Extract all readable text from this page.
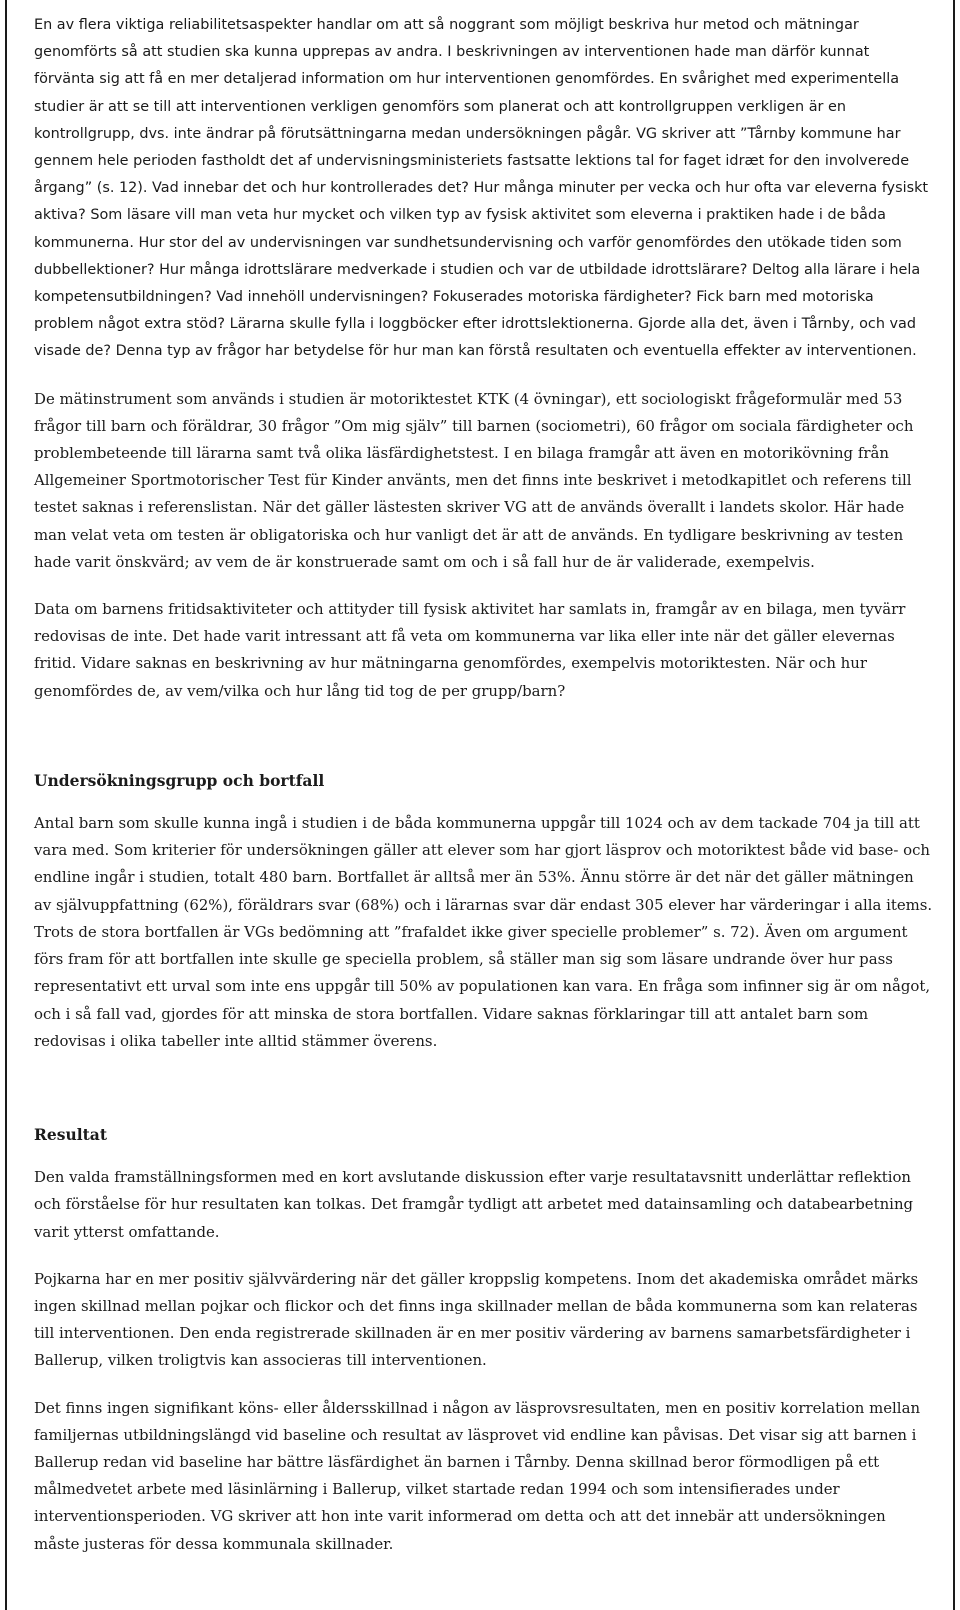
En av flera viktiga reliabilitetsaspekter handlar om att så noggrant som möjligt beskriva hur metod och mätningar genomförts så att studien ska kunna upprepas av andra. I beskrivningen av interventionen hade man därför kunnat förvänta sig att få en mer detaljerad information om hur interventionen genomfördes. En svårighet med experimentella studier är att se till att interventionen verkligen genomförs som planerat och att kontrollgruppen verkligen är en kontrollgrupp, dvs. inte ändrar på förutsättningarna medan undersökningen pågår. VG skriver att ”Tårnby kommune har gennem hele perioden fastholdt det af undervisningsministeriets fastsatte lektions tal for faget idræt for den involverede årgang” (s. 12). Vad innebar det och hur kontrollerades det? Hur många minuter per vecka och hur ofta var eleverna fysiskt aktiva? Som läsare vill man veta hur mycket och vilken typ av fysisk aktivitet som eleverna i praktiken hade i de båda kommunerna. Hur stor del av undervisningen var sundhetsundervisning och varför genomfördes den utökade tiden som dubbellektioner? Hur många idrottslärare medverkade i studien och var de utbildade idrottslärare? Deltog alla lärare i hela kompetensutbildningen? Vad innehöll undervisningen? Fokuserades motoriska färdigheter? Fick barn med motoriska problem något extra stöd? Lärarna skulle fylla i loggböcker efter idrottslektionerna. Gjorde alla det, även i Tårnby, och vad visade de? Denna typ av frågor har betydelse för hur man kan förstå resultaten och eventuella effekter av interventionen.

De mätinstrument som används i studien är motoriktestet KTK (4 övningar), ett sociologiskt frågeformulär med 53 frågor till barn och föräldrar, 30 frågor ”Om mig själv” till barnen (sociometri), 60 frågor om sociala färdigheter och problembeteende till lärarna samt två olika läsfärdighetstest. I en bilaga framgår att även en motorikövning från Allgemeiner Sportmotorischer Test für Kinder använts, men det finns inte beskrivet i metodkapitlet och referens till testet saknas i referenslistan. När det gäller lästesten skriver VG att de används överallt i landets skolor. Här hade man velat veta om testen är obligatoriska och hur vanligt det är att de används. En tydligare beskrivning av testen hade varit önskvärd; av vem de är konstruerade samt om och i så fall hur de är validerade, exempelvis.

Data om barnens fritidsaktiviteter och attityder till fysisk aktivitet har samlats in, framgår av en bilaga, men tyvärr redovisas de inte. Det hade varit intressant att få veta om kommunerna var lika eller inte när det gäller elevernas fritid. Vidare saknas en beskrivning av hur mätningarna genomfördes, exempelvis motoriktesten. När och hur genomfördes de, av vem/vilka och hur lång tid tog de per grupp/barn?

Undersökningsgrupp och bortfall

Antal barn som skulle kunna ingå i studien i de båda kommunerna uppgår till 1024 och av dem tackade 704 ja till att vara med. Som kriterier för undersökningen gäller att elever som har gjort läsprov och motoriktest både vid base- och endline ingår i studien, totalt 480 barn. Bortfallet är alltså mer än 53%. Ännu större är det när det gäller mätningen av självuppfattning (62%), föräldrars svar (68%) och i lärarnas svar där endast 305 elever har värderingar i alla items. Trots de stora bortfallen är VGs bedömning att ”frafaldet ikke giver specielle problemer” s. 72). Även om argument förs fram för att bortfallen inte skulle ge speciella problem, så ställer man sig som läsare undrande över hur pass representativt ett urval som inte ens uppgår till 50% av populationen kan vara. En fråga som infinner sig är om något, och i så fall vad, gjordes för att minska de stora bortfallen. Vidare saknas förklaringar till att antalet barn som redovisas i olika tabeller inte alltid stämmer överens.

Resultat

Den valda framställningsformen med en kort avslutande diskussion efter varje resultatavsnitt underlättar reflektion och förståelse för hur resultaten kan tolkas. Det framgår tydligt att arbetet med datainsamling och databearbetning varit ytterst omfattande.

Pojkarna har en mer positiv självvärdering när det gäller kroppslig kompetens. Inom det akademiska området märks ingen skillnad mellan pojkar och flickor och det finns inga skillnader mellan de båda kommunerna som kan relateras till interventionen. Den enda registrerade skillnaden är en mer positiv värdering av barnens samarbetsfärdigheter i Ballerup, vilken troligtvis kan associeras till interventionen.

Det finns ingen signifikant köns- eller åldersskillnad i någon av läsprovsresultaten, men en positiv korrelation mellan familjernas utbildningslängd vid baseline och resultat av läsprovet vid endline kan påvisas. Det visar sig att barnen i Ballerup redan vid baseline har bättre läsfärdighet än barnen i Tårnby. Denna skillnad beror förmodligen på ett målmedvetet arbete med läsinlärning i Ballerup, vilket startade redan 1994 och som intensifierades under interventionsperioden. VG skriver att hon inte varit informerad om detta och att det innebär att undersökningen måste justeras för dessa kommunala skillnader.
